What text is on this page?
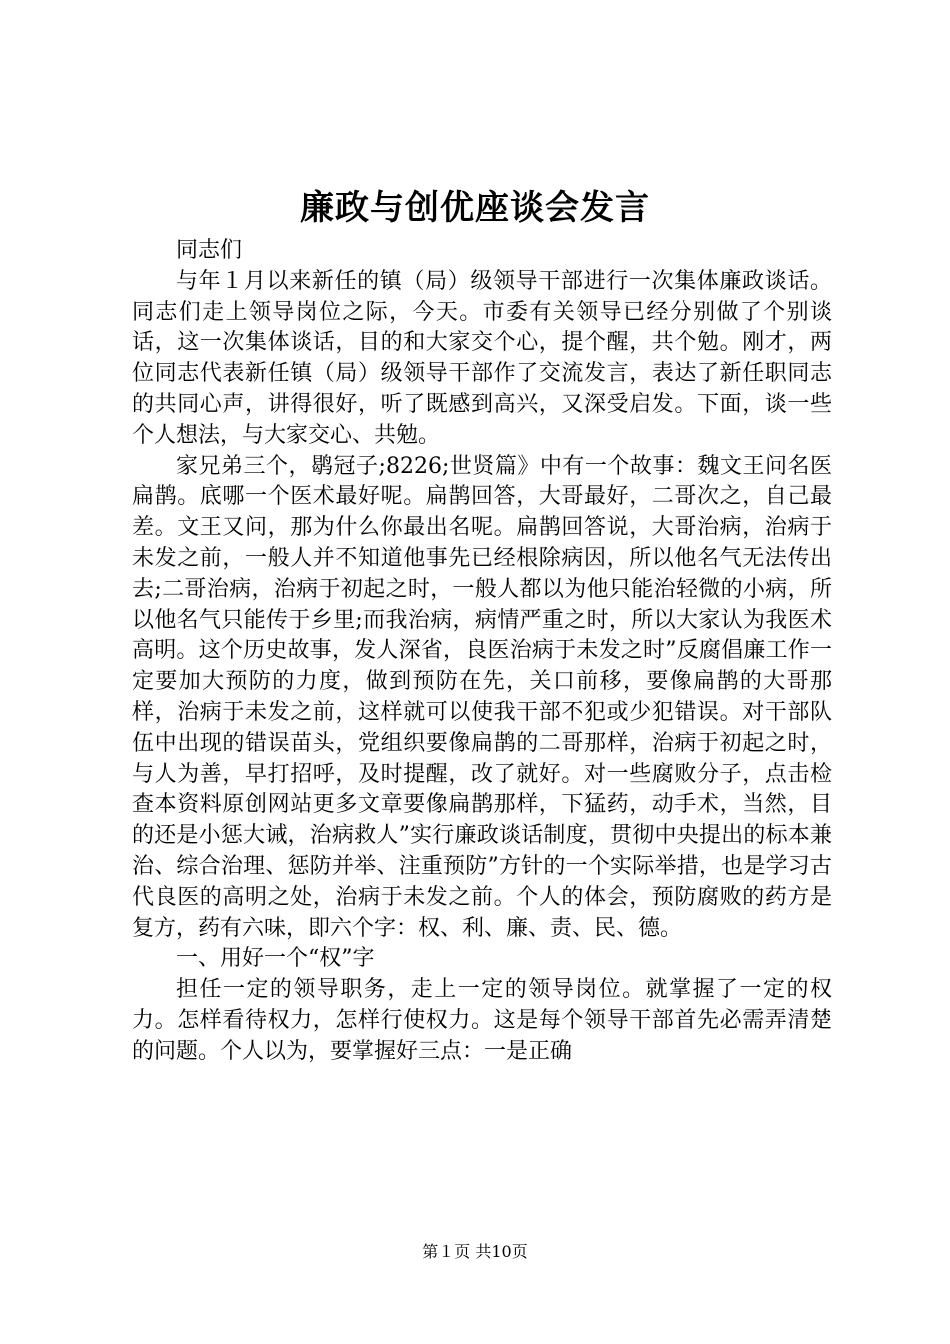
廉政与创优座谈会发言

同志们

与年１月以来新任的镇（局）级领导干部进行一次集体廉政谈话。同志们走上领导岗位之际，今天。市委有关领导已经分别做了个别谈话，这一次集体谈话，目的和大家交个心，提个醒，共个勉。刚才，两位同志代表新任镇（局）级领导干部作了交流发言，表达了新任职同志的共同心声，讲得很好，听了既感到高兴，又深受启发。下面，谈一些个人想法，与大家交心、共勉。

家兄弟三个，鹖冠子;8226;世贤篇》中有一个故事：魏文王问名医扁鹊。底哪一个医术最好呢。扁鹊回答，大哥最好，二哥次之，自己最差。文王又问，那为什么你最出名呢。扁鹊回答说，大哥治病，治病于未发之前，一般人并不知道他事先已经根除病因，所以他名气无法传出去;二哥治病，治病于初起之时，一般人都以为他只能治轻微的小病，所以他名气只能传于乡里;而我治病，病情严重之时，所以大家认为我医术高明。这个历史故事，发人深省，良医治病于未发之时”反腐倡廉工作一定要加大预防的力度，做到预防在先，关口前移，要像扁鹊的大哥那样，治病于未发之前，这样就可以使我干部不犯或少犯错误。对干部队伍中出现的错误苗头，党组织要像扁鹊的二哥那样，治病于初起之时，与人为善，早打招呼，及时提醒，改了就好。对一些腐败分子，点击检查本资料原创网站更多文章要像扁鹊那样，下猛药，动手术，当然，目的还是小惩大诫，治病救人”实行廉政谈话制度，贯彻中央提出的标本兼治、综合治理、惩防并举、注重预防”方针的一个实际举措，也是学习古代良医的高明之处，治病于未发之前。个人的体会，预防腐败的药方是复方，药有六味，即六个字：权、利、廉、责、民、德。

一、用好一个“权”字

担任一定的领导职务，走上一定的领导岗位。就掌握了一定的权力。怎样看待权力，怎样行使权力。这是每个领导干部首先必需弄清楚的问题。个人以为，要掌握好三点：一是正确

第１页 共10页
